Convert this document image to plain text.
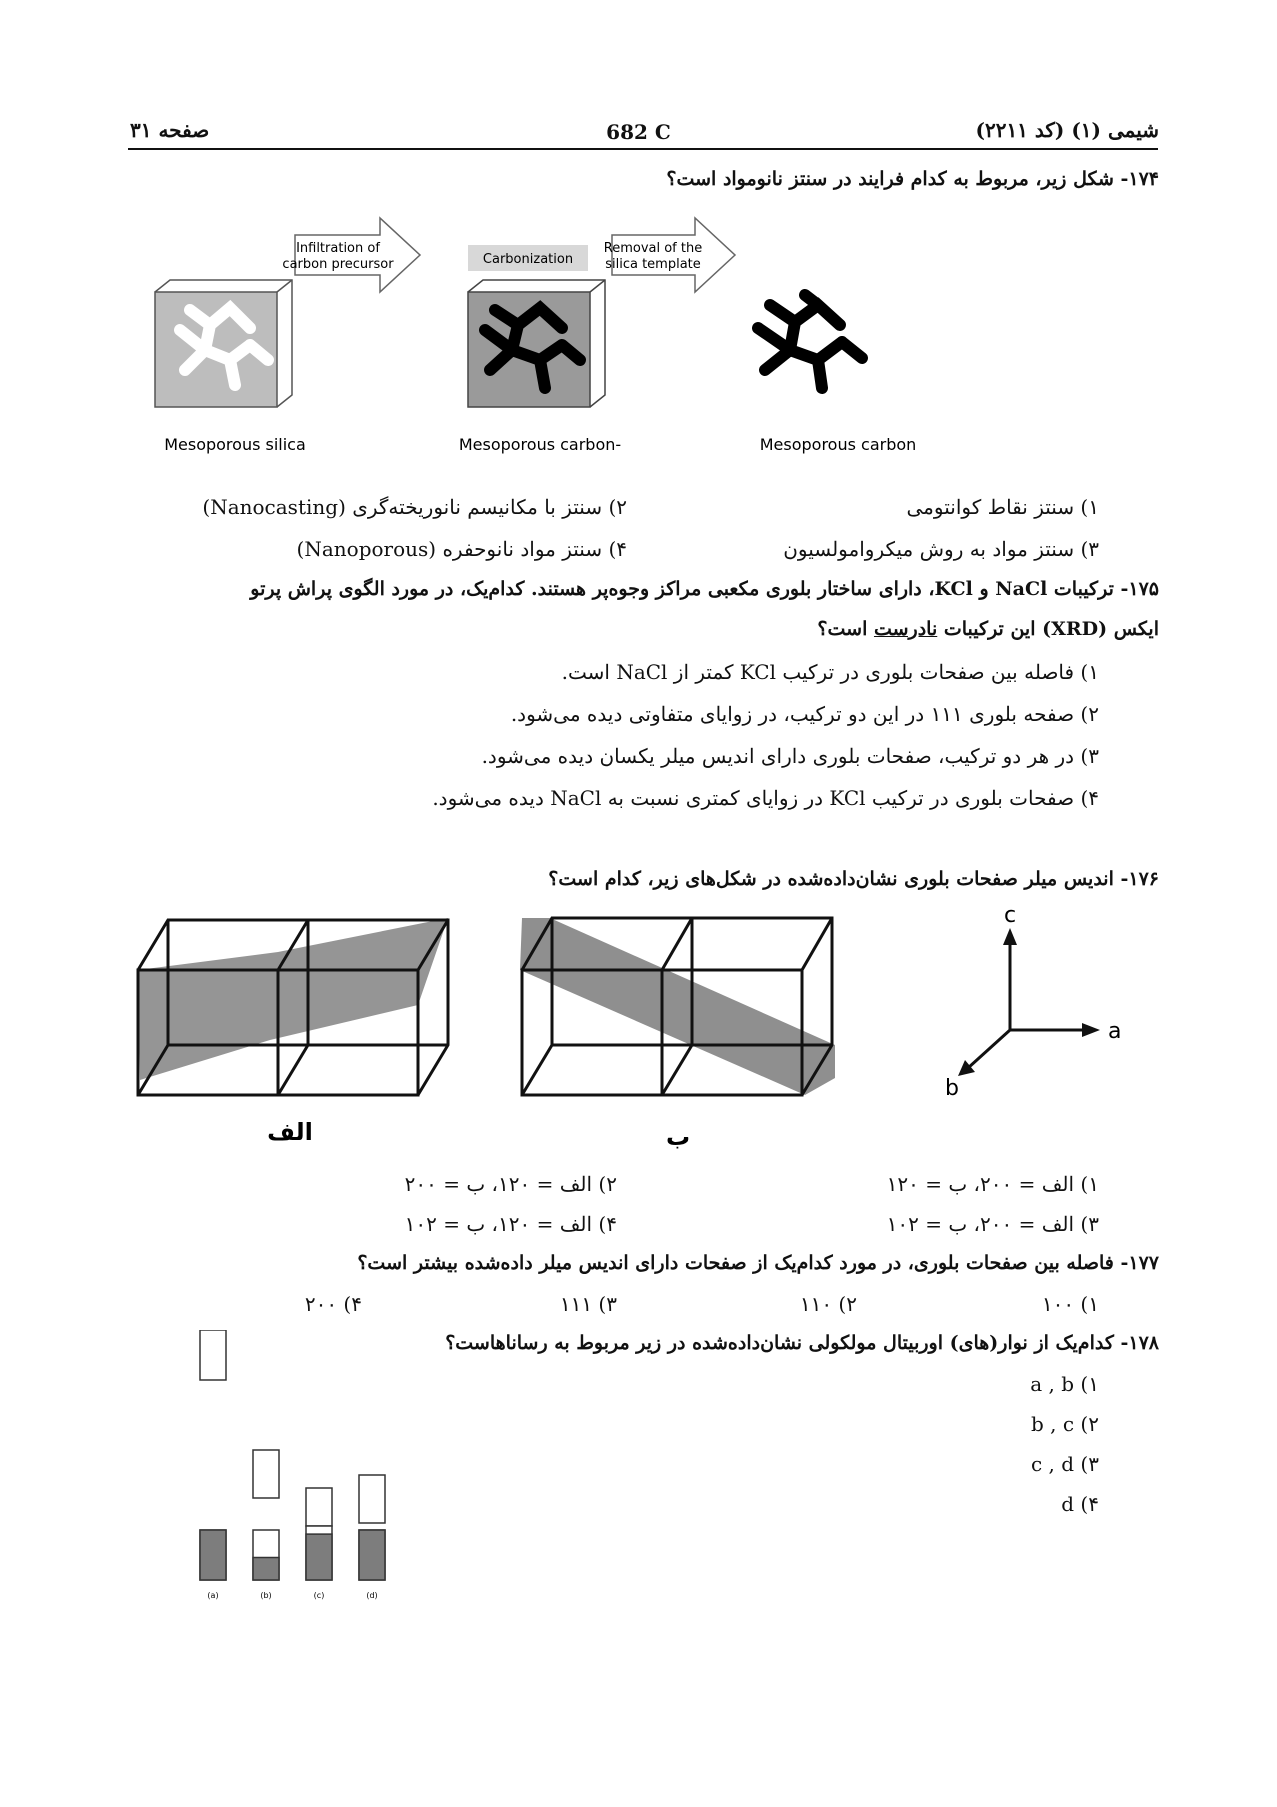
شیمی (۱) (کد ۲۲۱۱)
682 C
صفحه ۳۱
۱۷۴- شکل زیر، مربوط به کدام فرایند در سنتز نانومواد است؟
Infiltration of
carbon precursor	Carbonization
Removal of the
silica template
Mesoporous silica	Mesoporous carbon-	Mesoporous carbon
۱) سنتز نقاط کوانتومی
۲) سنتز با مکانیسم نانوریخته‌گری (Nanocasting)
۳) سنتز مواد به روش میکروامولسیون
۴) سنتز مواد نانوحفره (Nanoporous)
۱۷۵- ترکیبات NaCl و KCl، دارای ساختار بلوری مکعبی مراکز وجوه‌پر هستند. کدام‌یک، در مورد الگوی پراش پرتو
ایکس (XRD) این ترکیبات نادرست است؟
۱) فاصله بین صفحات بلوری در ترکیب KCl کمتر از NaCl است.
۲) صفحه بلوری ۱۱۱ در این دو ترکیب، در زوایای متفاوتی دیده می‌شود.
۳) در هر دو ترکیب، صفحات بلوری دارای اندیس میلر یکسان دیده می‌شود.
۴) صفحات بلوری در ترکیب KCl در زوایای کمتری نسبت به NaCl دیده می‌شود.
۱۷۶- اندیس میلر صفحات بلوری نشان‌داده‌شده در شکل‌های زیر، کدام است؟
الف	ب
c
a
b
۱) الف = ۲۰۰، ب = ۱۲۰
۲) الف = ۱۲۰، ب = ۲۰۰
۳) الف = ۲۰۰، ب = ۱۰۲
۴) الف = ۱۲۰، ب = ۱۰۲
۱۷۷- فاصله بین صفحات بلوری، در مورد کدام‌یک از صفحات دارای اندیس میلر داده‌شده بیشتر است؟
۱) ۱۰۰
۲) ۱۱۰
۳) ۱۱۱
۴) ۲۰۰
۱۷۸- کدام‌یک از نوار(های) اوربیتال مولکولی نشان‌داده‌شده در زیر مربوط به رساناهاست؟
۱) a , b
۲) b , c
۳) c , d
۴) d
(a)	(b)	(c)	(d)
